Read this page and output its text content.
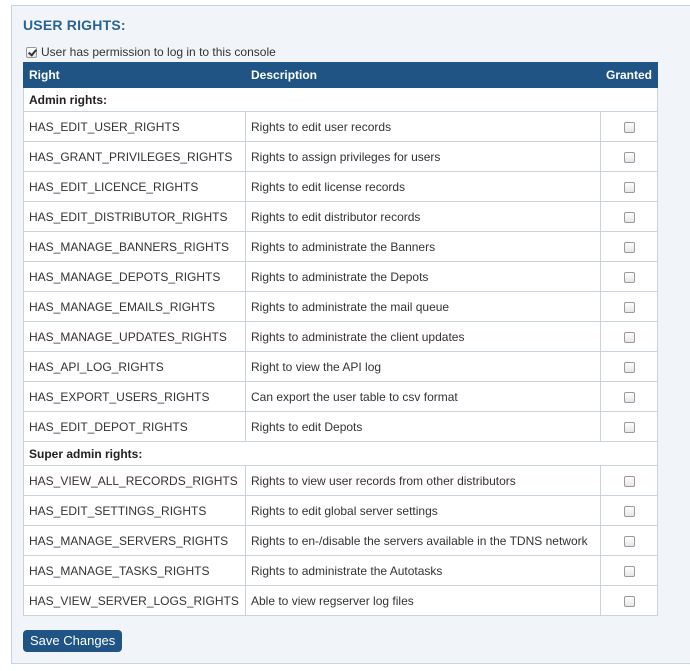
USER RIGHTS:
User has permission to log in to this console
Right	Description	Granted
Admin rights:		
HAS_EDIT_USER_RIGHTS	Rights to edit user records	
HAS_GRANT_PRIVILEGES_RIGHTS	Rights to assign privileges for users	
HAS_EDIT_LICENCE_RIGHTS	Rights to edit license records	
HAS_EDIT_DISTRIBUTOR_RIGHTS	Rights to edit distributor records	
HAS_MANAGE_BANNERS_RIGHTS	Rights to administrate the Banners	
HAS_MANAGE_DEPOTS_RIGHTS	Rights to administrate the Depots	
HAS_MANAGE_EMAILS_RIGHTS	Rights to administrate the mail queue	
HAS_MANAGE_UPDATES_RIGHTS	Rights to administrate the client updates	
HAS_API_LOG_RIGHTS	Right to view the API log	
HAS_EXPORT_USERS_RIGHTS	Can export the user table to csv format	
HAS_EDIT_DEPOT_RIGHTS	Rights to edit Depots	
Super admin rights:		
HAS_VIEW_ALL_RECORDS_RIGHTS	Rights to view user records from other distributors	
HAS_EDIT_SETTINGS_RIGHTS	Rights to edit global server settings	
HAS_MANAGE_SERVERS_RIGHTS	Rights to en-/disable the servers available in the TDNS network	
HAS_MANAGE_TASKS_RIGHTS	Rights to administrate the Autotasks	
HAS_VIEW_SERVER_LOGS_RIGHTS	Able to view regserver log files	
Save Changes
